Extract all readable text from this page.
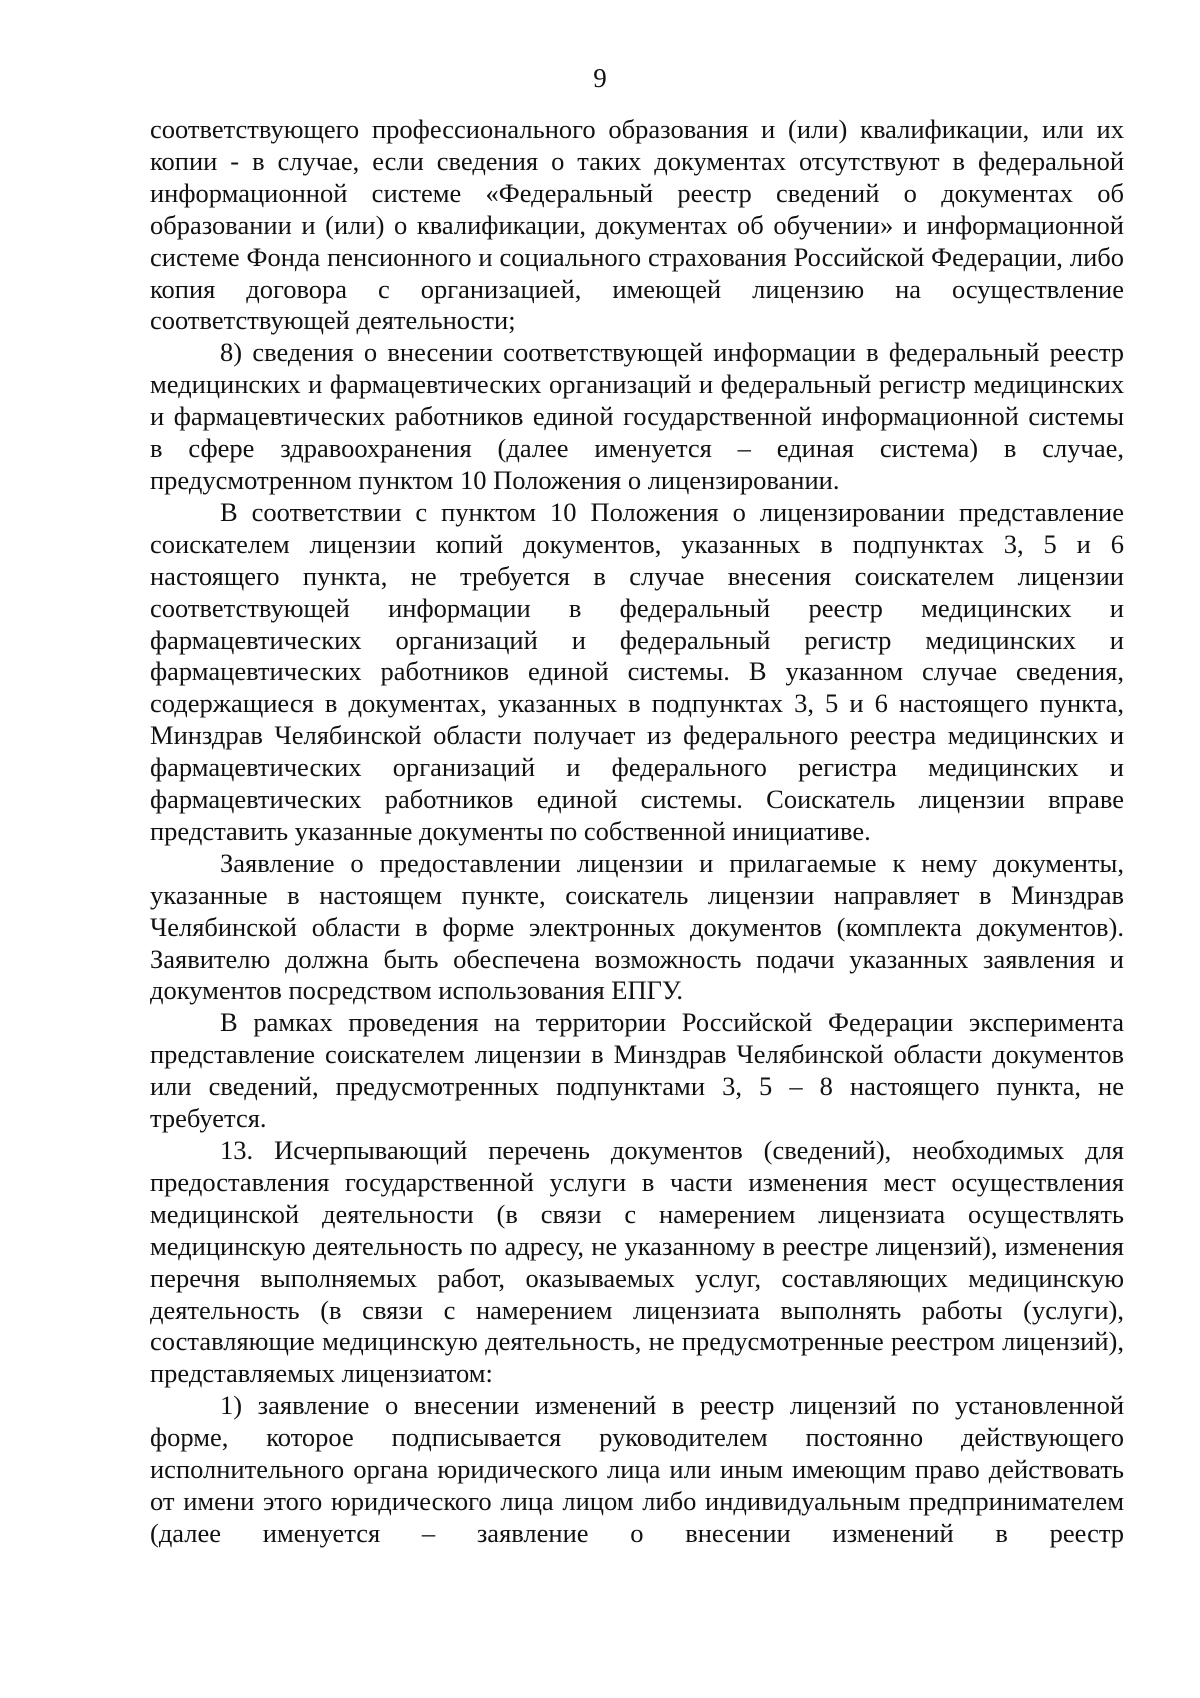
9

соответствующего профессионального образования и (или) квалификации, или их копии - в случае, если сведения о таких документах отсутствуют в федеральной информационной системе «Федеральный реестр сведений о документах об образовании и (или) о квалификации, документах об обучении» и информационной системе Фонда пенсионного и социального страхования Российской Федерации, либо копия договора с организацией, имеющей лицензию на осуществление соответствующей деятельности;

8) сведения о внесении соответствующей информации в федеральный реестр медицинских и фармацевтических организаций и федеральный регистр медицинских и фармацевтических работников единой государственной информационной системы в сфере здравоохранения (далее именуется – единая система) в случае, предусмотренном пунктом 10 Положения о лицензировании.

В соответствии с пунктом 10 Положения о лицензировании представление соискателем лицензии копий документов, указанных в подпунктах 3, 5 и 6 настоящего пункта, не требуется в случае внесения соискателем лицензии соответствующей информации в федеральный реестр медицинских и фармацевтических организаций и федеральный регистр медицинских и фармацевтических работников единой системы. В указанном случае сведения, содержащиеся в документах, указанных в подпунктах 3, 5 и 6 настоящего пункта, Минздрав Челябинской области получает из федерального реестра медицинских и фармацевтических организаций и федерального регистра медицинских и фармацевтических работников единой системы. Соискатель лицензии вправе представить указанные документы по собственной инициативе.

Заявление о предоставлении лицензии и прилагаемые к нему документы, указанные в настоящем пункте, соискатель лицензии направляет в Минздрав Челябинской области в форме электронных документов (комплекта документов). Заявителю должна быть обеспечена возможность подачи указанных заявления и документов посредством использования ЕПГУ.

В рамках проведения на территории Российской Федерации эксперимента представление соискателем лицензии в Минздрав Челябинской области документов или сведений, предусмотренных подпунктами 3, 5 – 8 настоящего пункта, не требуется.

13. Исчерпывающий перечень документов (сведений), необходимых для предоставления государственной услуги в части изменения мест осуществления медицинской деятельности (в связи с намерением лицензиата осуществлять медицинскую деятельность по адресу, не указанному в реестре лицензий), изменения перечня выполняемых работ, оказываемых услуг, составляющих медицинскую деятельность (в связи с намерением лицензиата выполнять работы (услуги), составляющие медицинскую деятельность, не предусмотренные реестром лицензий), представляемых лицензиатом:

1) заявление о внесении изменений в реестр лицензий по установленной форме, которое подписывается руководителем постоянно действующего исполнительного органа юридического лица или иным имеющим право действовать от имени этого юридического лица лицом либо индивидуальным предпринимателем (далее именуется – заявление о внесении изменений в реестр
